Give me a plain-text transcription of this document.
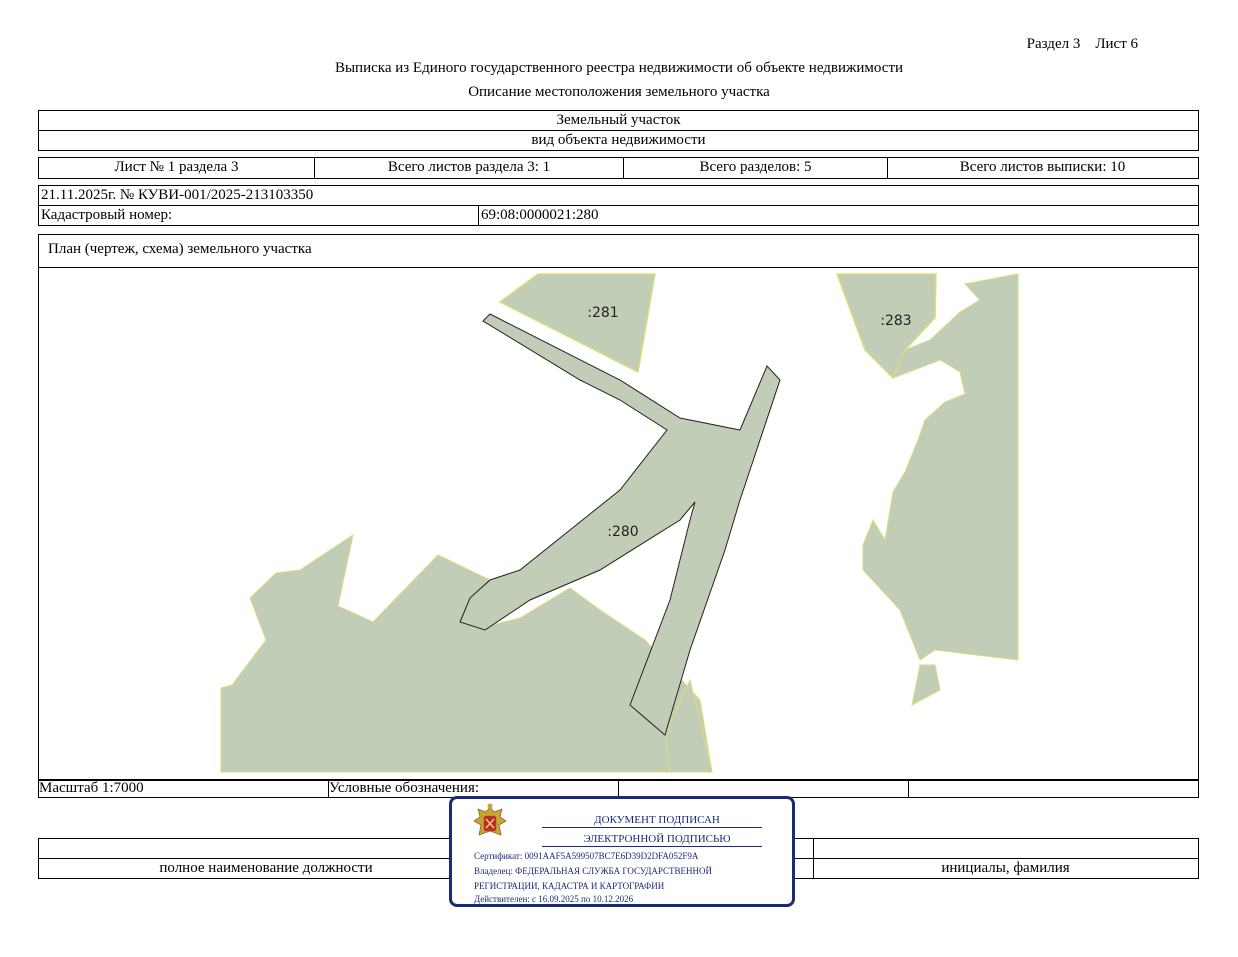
Раздел 3    Лист 6
Выписка из Единого государственного реестра недвижимости об объекте недвижимости
Описание местоположения земельного участка
Земельный участок
вид объекта недвижимости
Лист № 1 раздела 3	Всего листов раздела 3: 1	Всего разделов: 5	Всего листов выписки: 10
21.11.2025г. № КУВИ-001/2025-213103350
Кадастровый номер:	69:08:0000021:280
План (чертеж, схема) земельного участка
:281	:283
:280
Масштаб 1:7000	Условные обозначения:
полное наименование должности	инициалы, фамилия
ДОКУМЕНТ ПОДПИСАН
ЭЛЕКТРОННОЙ ПОДПИСЬЮ
Сертификат: 0091AAF5A599507BC7E6D39D2DFA052F9A
Владелец: ФЕДЕРАЛЬНАЯ СЛУЖБА ГОСУДАРСТВЕННОЙ
РЕГИСТРАЦИИ, КАДАСТРА И КАРТОГРАФИИ
Действителен: с 16.09.2025 по 10.12.2026
